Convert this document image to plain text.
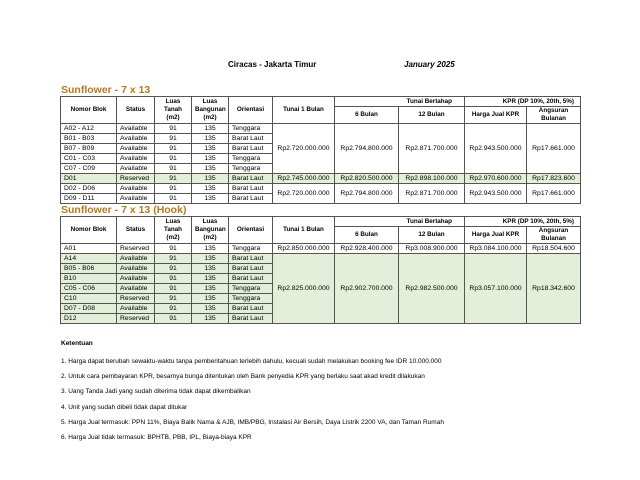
Ciracas - Jakarta Timur	January 2025
Sunflower - 7 x 13
Nomor Blok	Status	Luas Tanah (m2)	Luas Bangunan (m2)	Orientasi	Tunai 1 Bulan	Tunai Bertahap		KPR (DP 10%, 20th, 5%)	
						6 Bulan	12 Bulan	Harga Jual KPR	Angsuran Bulanan
A02 - A12	Available	91	135	Tenggara	Rp2.720.000.000	Rp2.794.800.000	Rp2.871.700.000	Rp2.943.500.000	Rp17.661.000
B01 - B03	Available	91	135	Barat Laut					
B07 - B09	Available	91	135	Barat Laut					
C01 - C03	Available	91	135	Tenggara					
C07 - C09	Available	91	135	Tenggara					
D01	Reserved	91	135	Barat Laut	Rp2.745.000.000	Rp2.820.500.000	Rp2.898.100.000	Rp2.970.600.000	Rp17.823.600
D02 - D06	Available	91	135	Barat Laut	Rp2.720.000.000	Rp2.794.800.000	Rp2.871.700.000	Rp2.943.500.000	Rp17.661.000
D09 - D11	Available	91	135	Barat Laut					
Sunflower - 7 x 13 (Hook)
Nomor Blok	Status	Luas Tanah (m2)	Luas Bangunan (m2)	Orientasi	Tunai 1 Bulan	Tunai Bertahap		KPR (DP 10%, 20th, 5%)	
						6 Bulan	12 Bulan	Harga Jual KPR	Angsuran Bulanan
A01	Reserved	91	135	Tenggara	Rp2.850.000.000	Rp2.928.400.000	Rp3.008.900.000	Rp3.084.100.000	Rp18.504.600
A14	Available	91	135	Barat Laut	Rp2.825.000.000	Rp2.902.700.000	Rp2.982.500.000	Rp3.057.100.000	Rp18.342.600
B05 - B06	Available	91	135	Barat Laut					
B10	Available	91	135	Barat Laut					
C05 - C06	Available	91	135	Tenggara					
C10	Reserved	91	135	Tenggara					
D07 - D08	Available	91	135	Barat Laut					
D12	Reserved	91	135	Barat Laut					
Ketentuan
1. Harga dapat berubah sewaktu-waktu tanpa pemberitahuan terlebih dahulu, kecuali sudah melakukan booking fee IDR 10.000.000
2. Untuk cara pembayaran KPR, besarnya bunga ditentukan oleh Bank penyedia KPR yang berlaku saat akad kredit dilakukan
3. Uang Tanda Jadi yang sudah diterima tidak dapat dikembalikan
4. Unit yang sudah dibeli tidak dapat ditukar
5. Harga Jual termasuk: PPN 11%, Biaya Balik Nama & AJB, IMB/PBG, Instalasi Air Bersih, Daya Listrik 2200 VA, dan Taman Rumah
6. Harga Jual tidak termasuk: BPHTB, PBB, IPL, Biaya-biaya KPR
